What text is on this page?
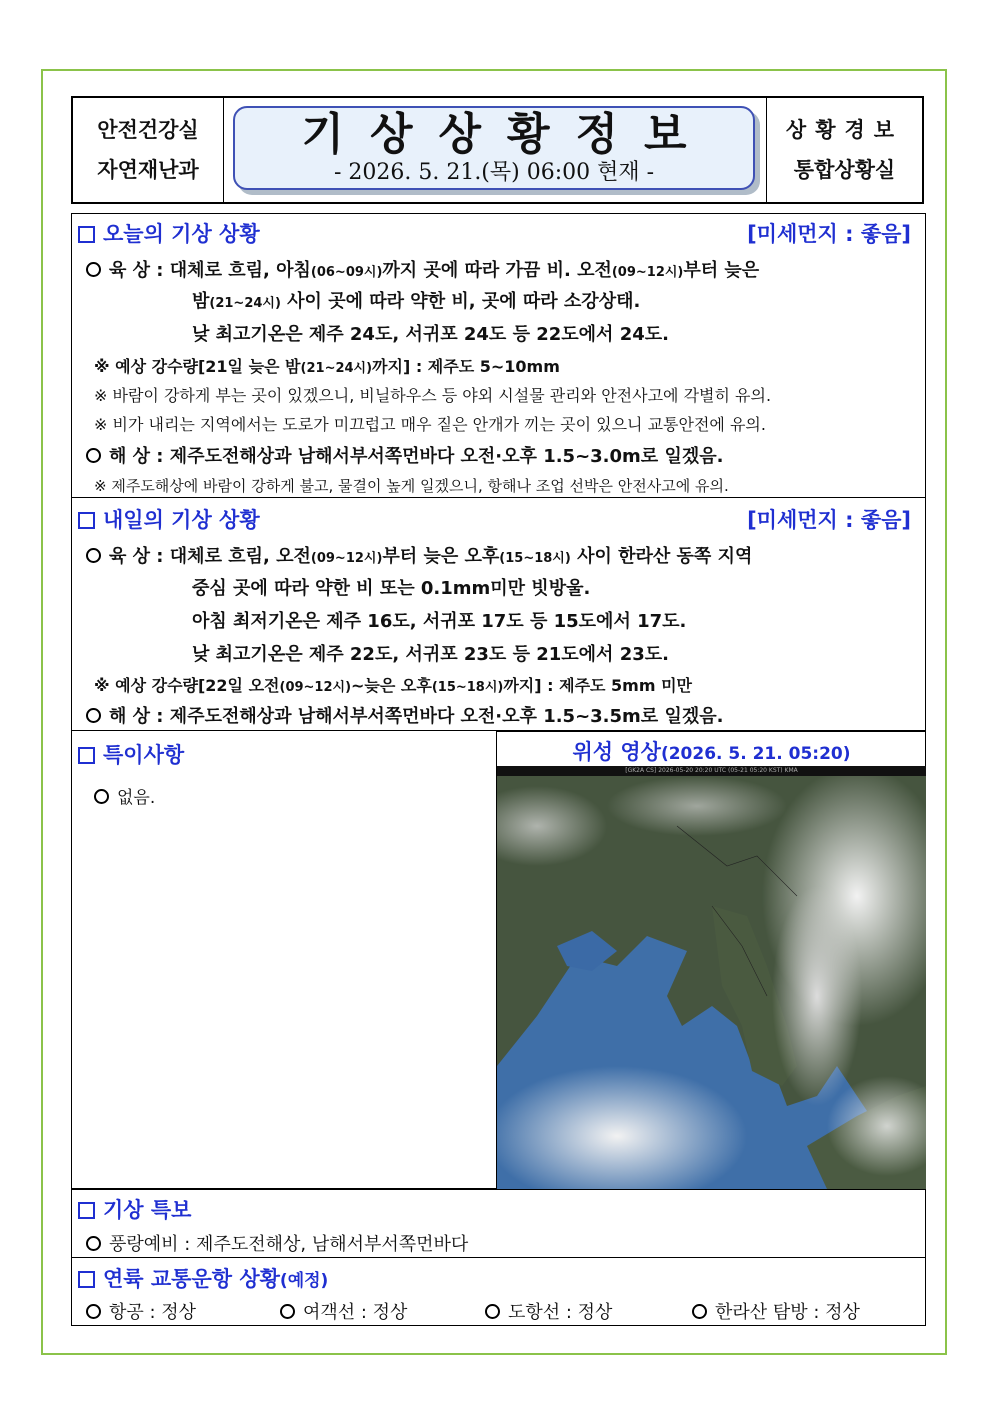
안전건강실
자연재난과
기상상황정보
- 2026. 5. 21.(목) 06:00 현재 -
상황경보
통합상황실
오늘의 기상 상황	[미세먼지 : 좋음]
육 상 : 대체로 흐림, 아침(06~09시)까지 곳에 따라 가끔 비. 오전(09~12시)부터 늦은
밤(21~24시) 사이 곳에 따라 약한 비, 곳에 따라 소강상태.
낮 최고기온은 제주 24도, 서귀포 24도 등 22도에서 24도.
※ 예상 강수량[21일 늦은 밤(21~24시)까지] : 제주도 5~10mm
※ 바람이 강하게 부는 곳이 있겠으니, 비닐하우스 등 야외 시설물 관리와 안전사고에 각별히 유의.
※ 비가 내리는 지역에서는 도로가 미끄럽고 매우 짙은 안개가 끼는 곳이 있으니 교통안전에 유의.
해 상 : 제주도전해상과 남해서부서쪽먼바다 오전·오후 1.5~3.0m로 일겠음.
※ 제주도해상에 바람이 강하게 불고, 물결이 높게 일겠으니, 항해나 조업 선박은 안전사고에 유의.
내일의 기상 상황	[미세먼지 : 좋음]
육 상 : 대체로 흐림, 오전(09~12시)부터 늦은 오후(15~18시) 사이 한라산 동쪽 지역
중심 곳에 따라 약한 비 또는 0.1mm미만 빗방울.
아침 최저기온은 제주 16도, 서귀포 17도 등 15도에서 17도.
낮 최고기온은 제주 22도, 서귀포 23도 등 21도에서 23도.
※ 예상 강수량[22일 오전(09~12시)~늦은 오후(15~18시)까지] : 제주도 5mm 미만
해 상 : 제주도전해상과 남해서부서쪽먼바다 오전·오후 1.5~3.5m로 일겠음.
특이사항
없음.
위성 영상(2026. 5. 21. 05:20)
[GK2A CS] 2026-05-20 20:20 UTC (05-21 05:20 KST) KMA
기상 특보
풍랑예비 : 제주도전해상, 남해서부서쪽먼바다
연륙 교통운항 상황(예정)
항공 : 정상	여객선 : 정상	도항선 : 정상	한라산 탐방 : 정상
